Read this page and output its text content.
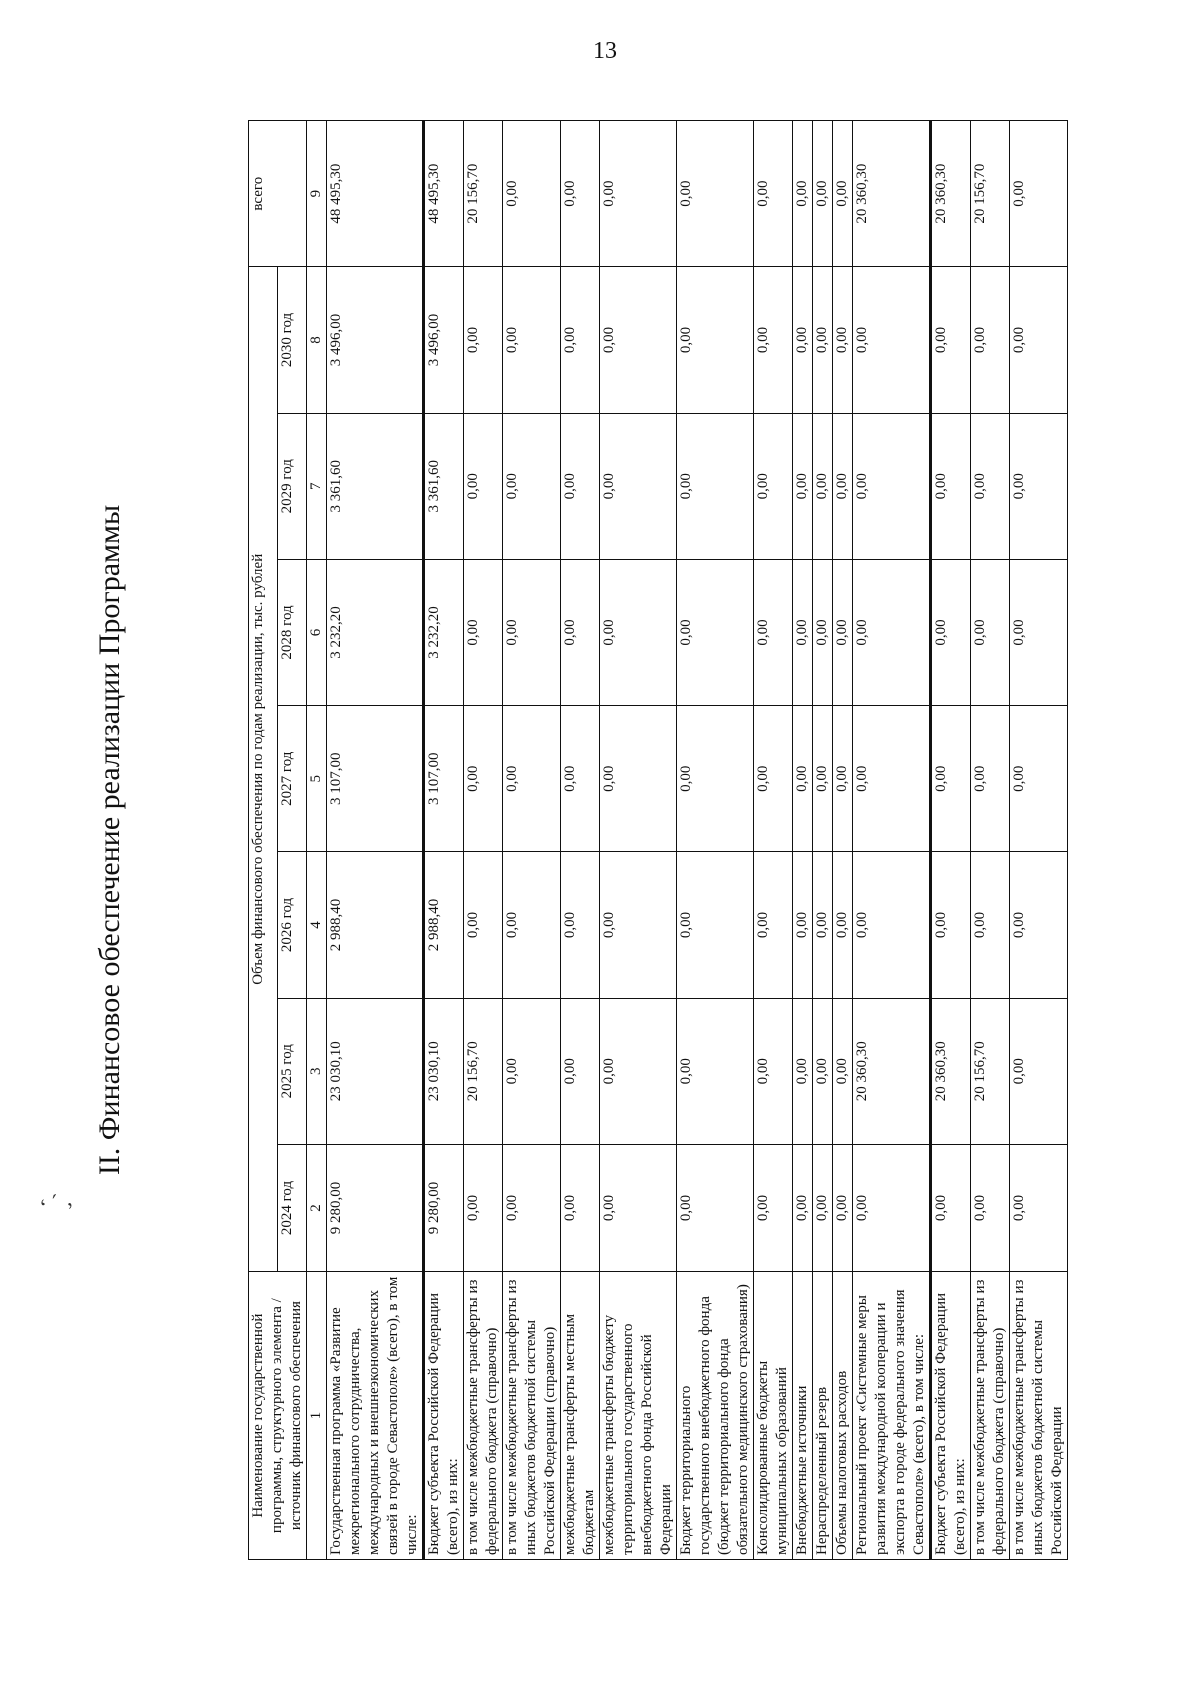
13
II. Финансовое обеспечение реализации Программы
Наименование государственной программы, структурного элемента / источник финансового обеспечения	Объем финансового обеспечения по годам реализации, тыс. рублей							всего
	2024 год	2025 год	2026 год	2027 год	2028 год	2029 год	2030 год	
1	2	3	4	5	6	7	8	9
Государственная программа «Развитие межрегионального сотрудничества, международных и внешнеэкономических связей в городе Севастополе» (всего), в том числе:	9 280,00	23 030,10	2 988,40	3 107,00	3 232,20	3 361,60	3 496,00	48 495,30
Бюджет субъекта Российской Федерации (всего), из них:	9 280,00	23 030,10	2 988,40	3 107,00	3 232,20	3 361,60	3 496,00	48 495,30
в том числе межбюджетные трансферты из федерального бюджета (справочно)	0,00	20 156,70	0,00	0,00	0,00	0,00	0,00	20 156,70
в том числе межбюджетные трансферты из иных бюджетов бюджетной системы Российской Федерации (справочно)	0,00	0,00	0,00	0,00	0,00	0,00	0,00	0,00
межбюджетные трансферты местным бюджетам	0,00	0,00	0,00	0,00	0,00	0,00	0,00	0,00
межбюджетные трансферты бюджету территориального государственного внебюджетного фонда Российской Федерации	0,00	0,00	0,00	0,00	0,00	0,00	0,00	0,00
Бюджет территориального государственного внебюджетного фонда (бюджет территориального фонда обязательного медицинского страхования)	0,00	0,00	0,00	0,00	0,00	0,00	0,00	0,00
Консолидированные бюджеты муниципальных образований	0,00	0,00	0,00	0,00	0,00	0,00	0,00	0,00
Внебюджетные источники	0,00	0,00	0,00	0,00	0,00	0,00	0,00	0,00
Нераспределенный резерв	0,00	0,00	0,00	0,00	0,00	0,00	0,00	0,00
Объемы налоговых расходов	0,00	0,00	0,00	0,00	0,00	0,00	0,00	0,00
Региональный проект «Системные меры развития международной кооперации и экспорта в городе федерального значения Севастополе» (всего), в том числе:	0,00	20 360,30	0,00	0,00	0,00	0,00	0,00	20 360,30
Бюджет субъекта Российской Федерации (всего), из них:	0,00	20 360,30	0,00	0,00	0,00	0,00	0,00	20 360,30
в том числе межбюджетные трансферты из федерального бюджета (справочно)	0,00	20 156,70	0,00	0,00	0,00	0,00	0,00	20 156,70
в том числе межбюджетные трансферты из иных бюджетов бюджетной системы Российской Федерации	0,00	0,00	0,00	0,00	0,00	0,00	0,00	0,00
‘ ´ ,
